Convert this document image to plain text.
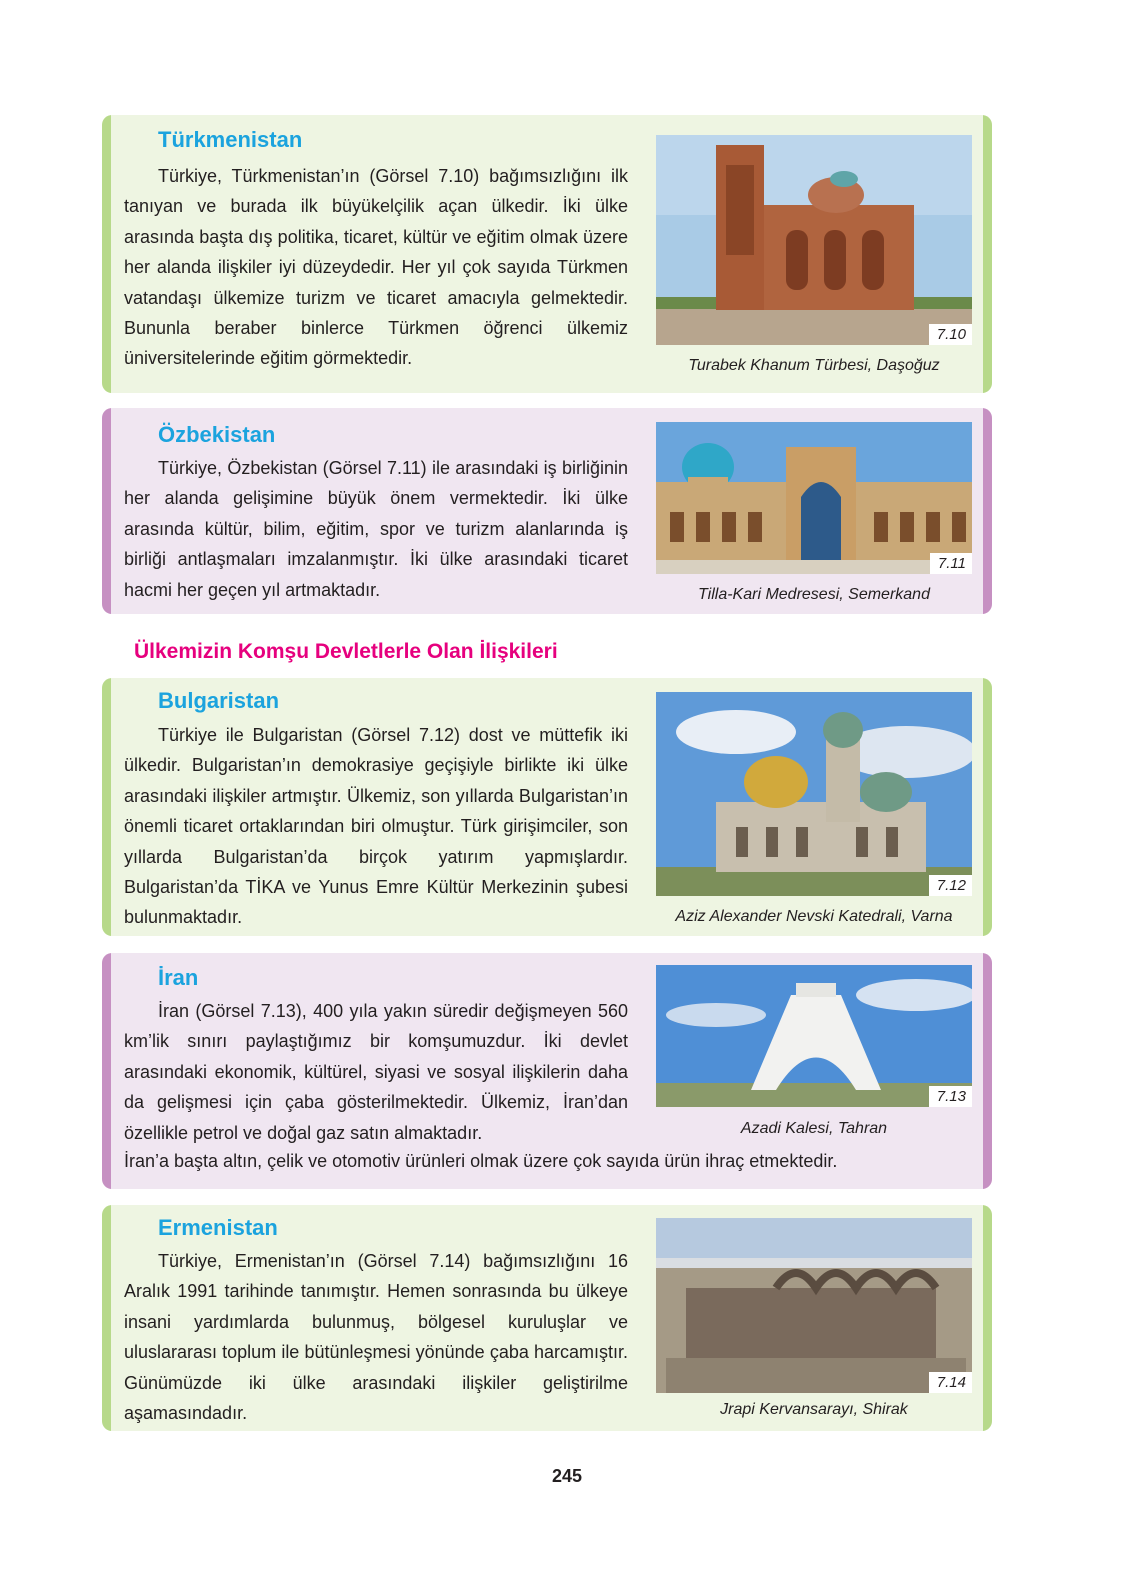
Türkmenistan

Türkiye, Türkmenistan’ın (Görsel 7.10) bağımsızlığını ilk tanıyan ve burada ilk büyükelçilik açan ülkedir. İki ülke arasında başta dış politika, ticaret, kültür ve eğitim olmak üzere her alanda ilişkiler iyi düzeydedir. Her yıl çok sayıda Türkmen vatandaşı ülkemize turizm ve ticaret amacıyla gelmektedir. Bununla beraber binlerce Türkmen öğrenci ülkemiz üniversitelerinde eğitim görmektedir.

7.10

Turabek Khanum Türbesi, Daşoğuz

Özbekistan

Türkiye, Özbekistan (Görsel 7.11) ile arasındaki iş birliğinin her alanda gelişimine büyük önem vermektedir. İki ülke arasında kültür, bilim, eğitim, spor ve turizm alanlarında iş birliği antlaşmaları imzalanmıştır. İki ülke arasındaki ticaret hacmi her geçen yıl artmaktadır.

7.11

Tilla-Kari Medresesi, Semerkand

Ülkemizin Komşu Devletlerle Olan İlişkileri
Bulgaristan

Türkiye ile Bulgaristan (Görsel 7.12) dost ve müttefik iki ülkedir. Bulgaristan’ın demokrasiye geçişiyle birlikte iki ülke arasındaki ilişkiler artmıştır. Ülkemiz, son yıllarda Bulgaristan’ın önemli ticaret ortaklarından biri olmuştur. Türk girişimciler, son yıllarda Bulgaristan’da birçok yatırım yapmışlardır. Bulgaristan’da TİKA ve Yunus Emre Kültür Merkezinin şubesi bulunmaktadır.

7.12

Aziz Alexander Nevski Katedrali, Varna

İran

İran (Görsel 7.13), 400 yıla yakın süredir değişmeyen 560 km’lik sınırı paylaştığımız bir komşumuzdur. İki devlet arasındaki ekonomik, kültürel, siyasi ve sosyal ilişkilerin daha da gelişmesi için çaba gösterilmektedir. Ülkemiz, İran’dan özellikle petrol ve doğal gaz satın almaktadır.

7.13

Azadi Kalesi, Tahran

İran’a başta altın, çelik ve otomotiv ürünleri olmak üzere çok sayıda ürün ihraç etmektedir.

Ermenistan

Türkiye, Ermenistan’ın (Görsel 7.14) bağımsızlığını 16 Aralık 1991 tarihinde tanımıştır. Hemen sonrasında bu ülkeye insani yardımlarda bulunmuş, bölgesel kuruluşlar ve uluslararası toplum ile bütünleşmesi yönünde çaba harcamıştır. Günümüzde iki ülke arasındaki ilişkiler geliştirilme aşamasındadır.

7.14

Jrapi Kervansarayı, Shirak

245
